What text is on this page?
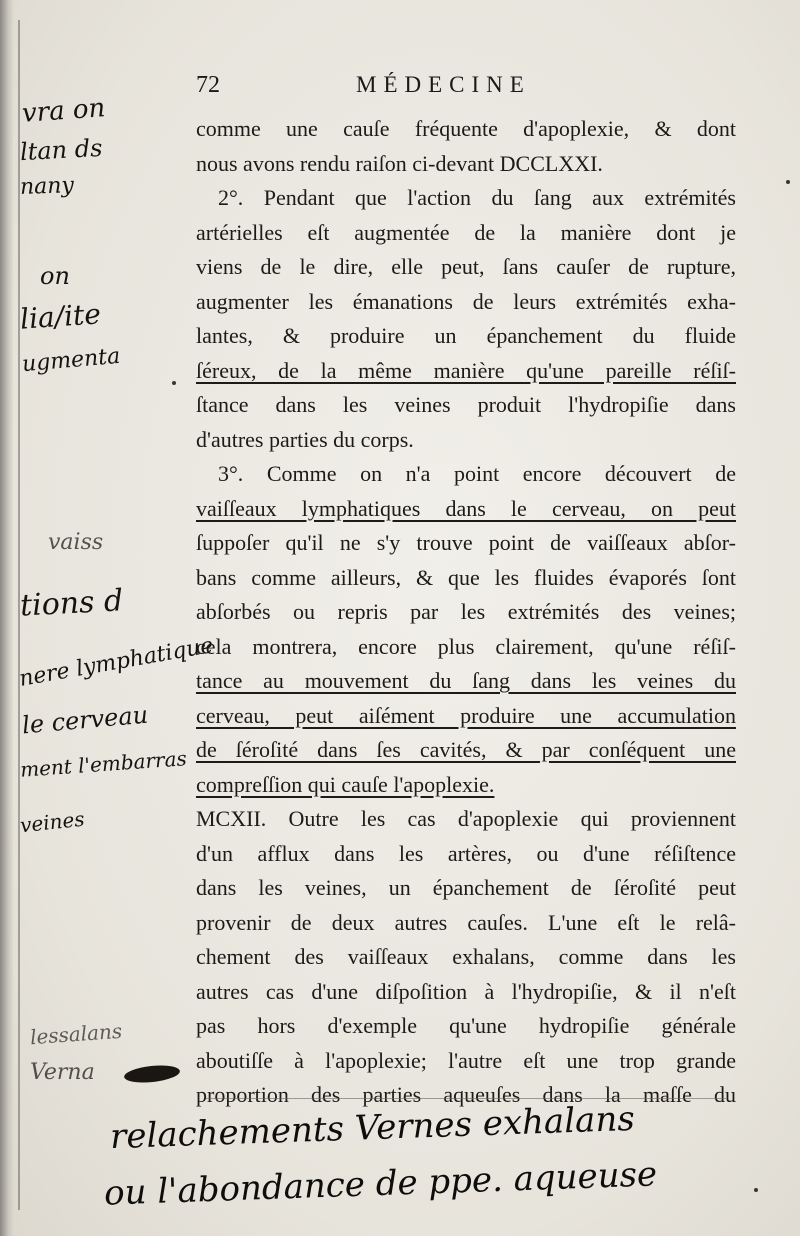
72	MÉDECINE
comme une cauſe fréquente d'apoplexie, & dont
nous avons rendu raiſon ci-devant DCCLXXI.
2°. Pendant que l'action du ſang aux extrémités
artérielles eſt augmentée de la manière dont je
viens de le dire, elle peut, ſans cauſer de rupture,
augmenter les émanations de leurs extrémités exha-
lantes, & produire un épanchement du fluide
ſéreux, de la même manière qu'une pareille réſiſ-
ſtance dans les veines produit l'hydropiſie dans
d'autres parties du corps.
3°. Comme on n'a point encore découvert de
vaiſſeaux lymphatiques dans le cerveau, on peut
ſuppoſer qu'il ne s'y trouve point de vaiſſeaux abſor-
bans comme ailleurs, & que les fluides évaporés ſont
abſorbés ou repris par les extrémités des veines;
cela montrera, encore plus clairement, qu'une réſiſ-
tance au mouvement du ſang dans les veines du
cerveau, peut aiſément produire une accumulation
de ſéroſité dans ſes cavités, & par conſéquent une
compreſſion qui cauſe l'apoplexie.
MCXII. Outre les cas d'apoplexie qui proviennent
d'un afflux dans les artères, ou d'une réſiſtence
dans les veines, un épanchement de ſéroſité peut
provenir de deux autres cauſes. L'une eſt le relâ-
chement des vaiſſeaux exhalans, comme dans les
autres cas d'une diſpoſition à l'hydropiſie, & il n'eſt
pas hors d'exemple qu'une hydropiſie générale
aboutiſſe à l'apoplexie; l'autre eſt une trop grande
proportion des parties aqueuſes dans la maſſe du
vra on
ltan ds
nany
on
lia/ite
ugmenta
vaiss
tions d
nere lymphatique
le cerveau
ment l'embarras
veines
lessalans
Verna
relachements Vernes exhalans
ou l'abondance de ppe. aqueuse
